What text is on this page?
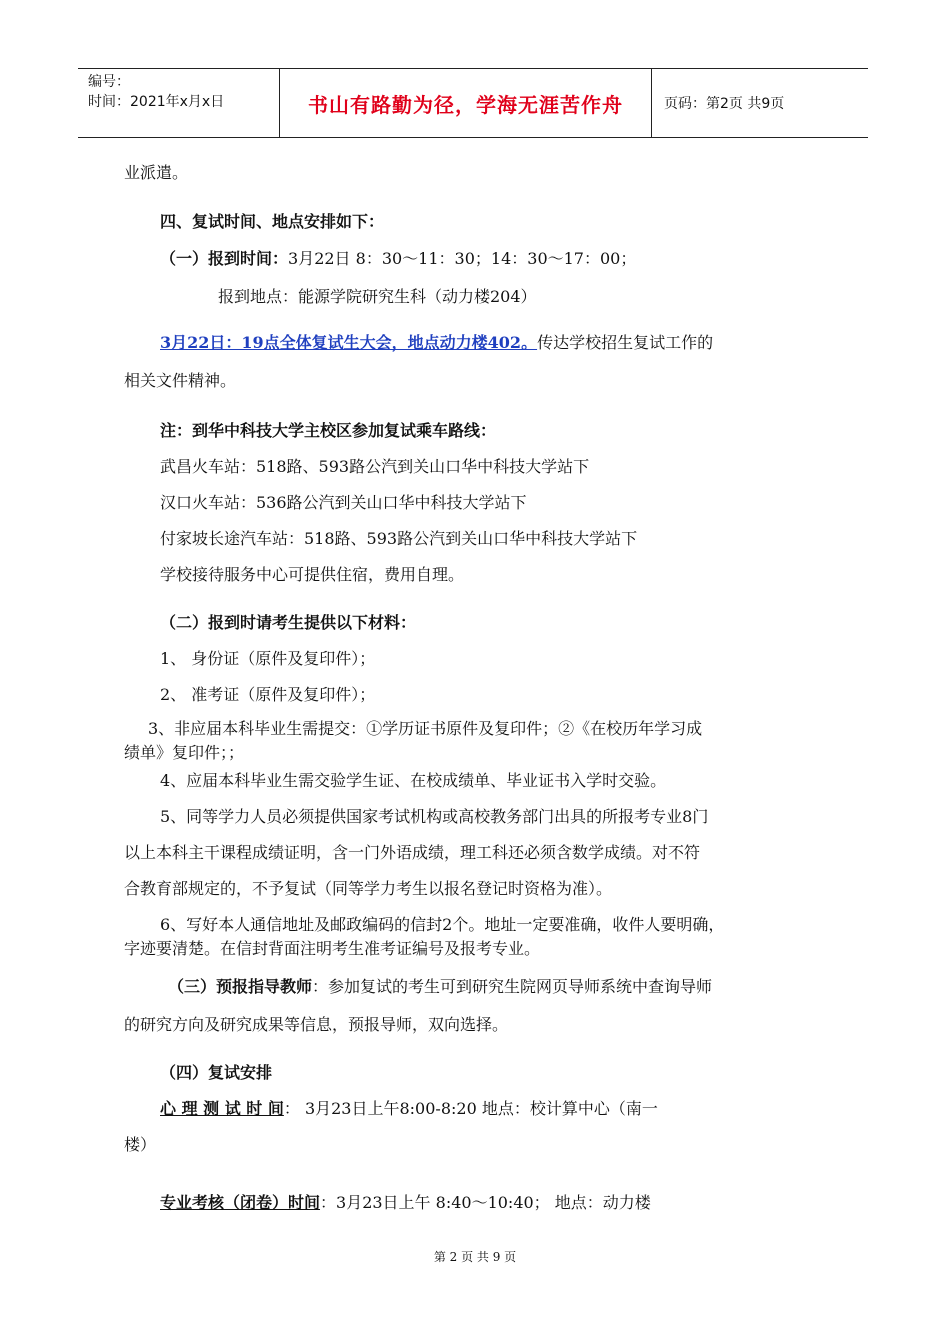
编号：
时间：2021年x月x日	书山有路勤为径，学海无涯苦作舟	页码：第2页 共9页
业派遣。
四、复试时间、地点安排如下：
（一）报到时间：3月22日 8：30～11：30；14：30～17：00；
报到地点：能源学院研究生科（动力楼204）
3月22日：19点全体复试生大会，地点动力楼402。传达学校招生复试工作的
相关文件精神。
注：到华中科技大学主校区参加复试乘车路线：
武昌火车站：518路、593路公汽到关山口华中科技大学站下
汉口火车站：536路公汽到关山口华中科技大学站下
付家坡长途汽车站：518路、593路公汽到关山口华中科技大学站下
学校接待服务中心可提供住宿，费用自理。
（二）报到时请考生提供以下材料：
1、 身份证（原件及复印件）；
2、 准考证（原件及复印件）；
3、非应届本科毕业生需提交：①学历证书原件及复印件；②《在校历年学习成
绩单》复印件；；
4、应届本科毕业生需交验学生证、在校成绩单、毕业证书入学时交验。
5、同等学力人员必须提供国家考试机构或高校教务部门出具的所报考专业8门
以上本科主干课程成绩证明，含一门外语成绩，理工科还必须含数学成绩。对不符
合教育部规定的，不予复试（同等学力考生以报名登记时资格为准）。
6、写好本人通信地址及邮政编码的信封2个。地址一定要准确，收件人要明确，
字迹要清楚。在信封背面注明考生准考证编号及报考专业。
（三）预报指导教师：参加复试的考生可到研究生院网页导师系统中查询导师
的研究方向及研究成果等信息，预报导师，双向选择。
（四）复试安排
心 理 测 试 时 间： 3月23日上午8:00-8:20 地点：校计算中心（南一
楼）
专业考核（闭卷）时间：3月23日上午 8:40～10:40； 地点：动力楼
第 2 页 共 9 页
